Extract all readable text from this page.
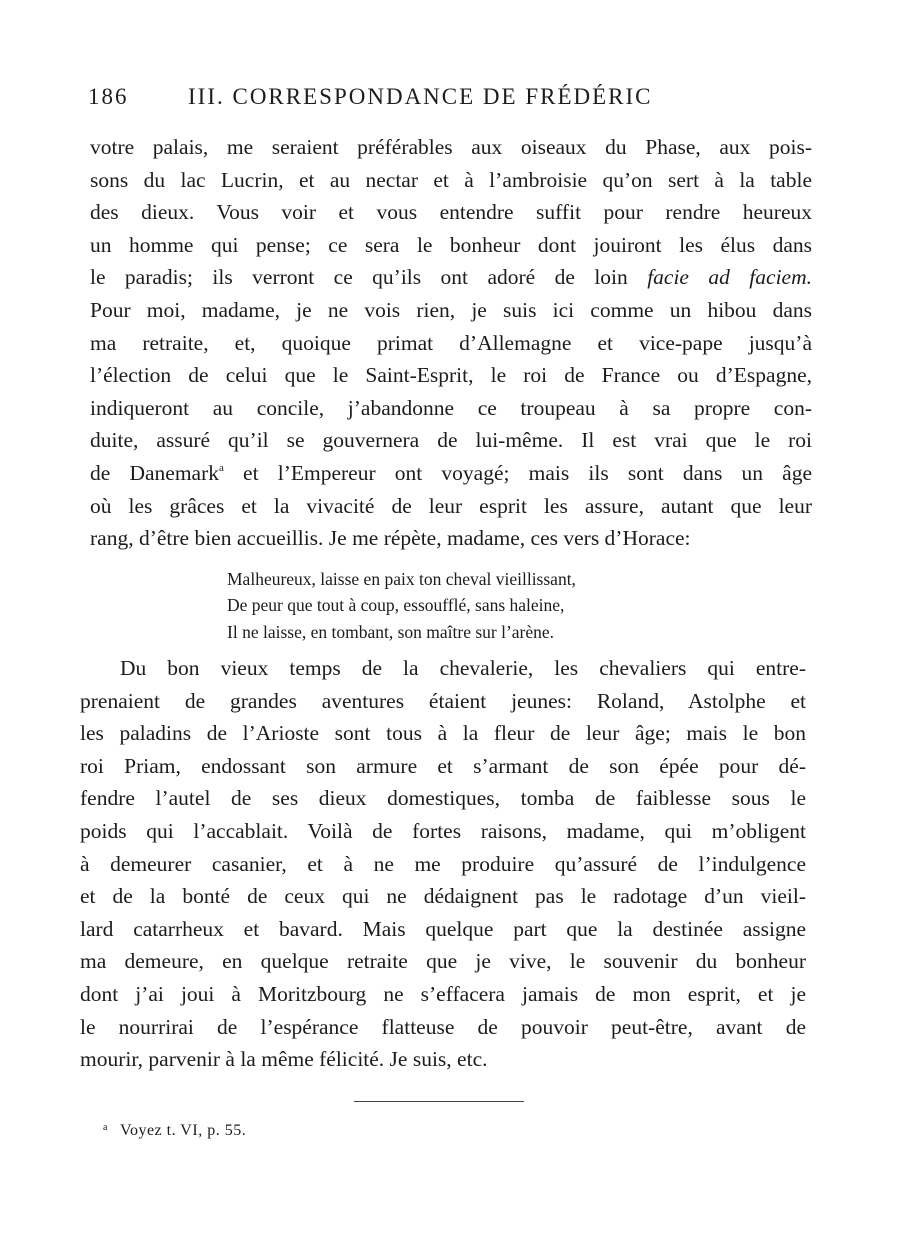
186	III. CORRESPONDANCE DE FRÉDÉRIC
votre palais, me seraient préférables aux oiseaux du Phase, aux pois-
sons du lac Lucrin, et au nectar et à l’ambroisie qu’on sert à la table
des dieux. Vous voir et vous entendre suffit pour rendre heureux
un homme qui pense; ce sera le bonheur dont jouiront les élus dans
le paradis; ils verront ce qu’ils ont adoré de loin facie ad faciem.
Pour moi, madame, je ne vois rien, je suis ici comme un hibou dans
ma retraite, et, quoique primat d’Allemagne et vice-pape jusqu’à
l’élection de celui que le Saint-Esprit, le roi de France ou d’Espagne,
indiqueront au concile, j’abandonne ce troupeau à sa propre con-
duite, assuré qu’il se gouvernera de lui-même. Il est vrai que le roi
de Danemark$^a$ et l’Empereur ont voyagé; mais ils sont dans un âge
où les grâces et la vivacité de leur esprit les assure, autant que leur
rang, d’être bien accueillis. Je me répète, madame, ces vers d’Horace:
Malheureux, laisse en paix ton cheval vieillissant,
De peur que tout à coup, essoufflé, sans haleine,
Il ne laisse, en tombant, son maître sur l’arène.
Du bon vieux temps de la chevalerie, les chevaliers qui entre-
prenaient de grandes aventures étaient jeunes: Roland, Astolphe et
les paladins de l’Arioste sont tous à la fleur de leur âge; mais le bon
roi Priam, endossant son armure et s’armant de son épée pour dé-
fendre l’autel de ses dieux domestiques, tomba de faiblesse sous le
poids qui l’accablait. Voilà de fortes raisons, madame, qui m’obligent
à demeurer casanier, et à ne me produire qu’assuré de l’indulgence
et de la bonté de ceux qui ne dédaignent pas le radotage d’un vieil-
lard catarrheux et bavard. Mais quelque part que la destinée assigne
ma demeure, en quelque retraite que je vive, le souvenir du bonheur
dont j’ai joui à Moritzbourg ne s’effacera jamais de mon esprit, et je
le nourrirai de l’espérance flatteuse de pouvoir peut-être, avant de
mourir, parvenir à la même félicité. Je suis, etc.
$^a$ Voyez t. VI, p. 55.
